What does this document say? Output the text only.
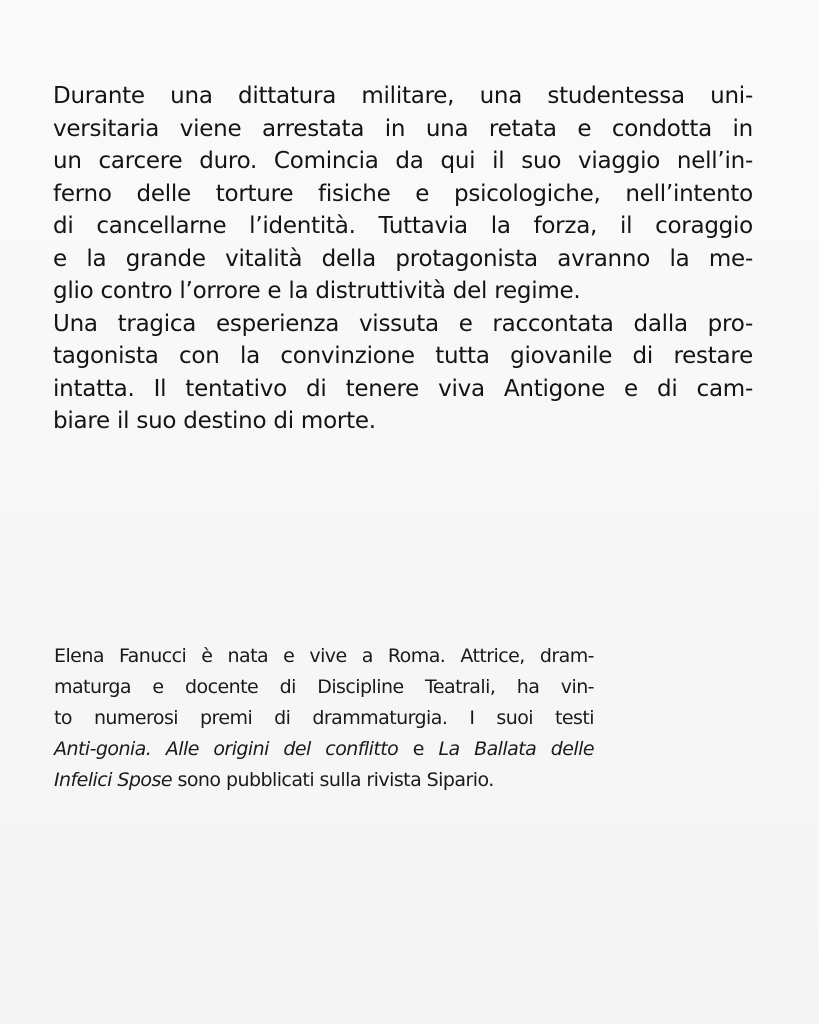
Durante una dittatura militare, una studentessa uni-
versitaria viene arrestata in una retata e condotta in
un carcere duro. Comincia da qui il suo viaggio nell’in-
ferno delle torture fisiche e psicologiche, nell’intento
di cancellarne l’identità. Tuttavia la forza, il coraggio
e la grande vitalità della protagonista avranno la me-
glio contro l’orrore e la distruttività del regime.
Una tragica esperienza vissuta e raccontata dalla pro-
tagonista con la convinzione tutta giovanile di restare
intatta. Il tentativo di tenere viva Antigone e di cam-
biare il suo destino di morte.
Elena Fanucci è nata e vive a Roma. Attrice, dram-
maturga e docente di Discipline Teatrali, ha vin-
to numerosi premi di drammaturgia. I suoi testi
Anti-gonia. Alle origini del conflitto e La Ballata delle
Infelici Spose sono pubblicati sulla rivista Sipario.
